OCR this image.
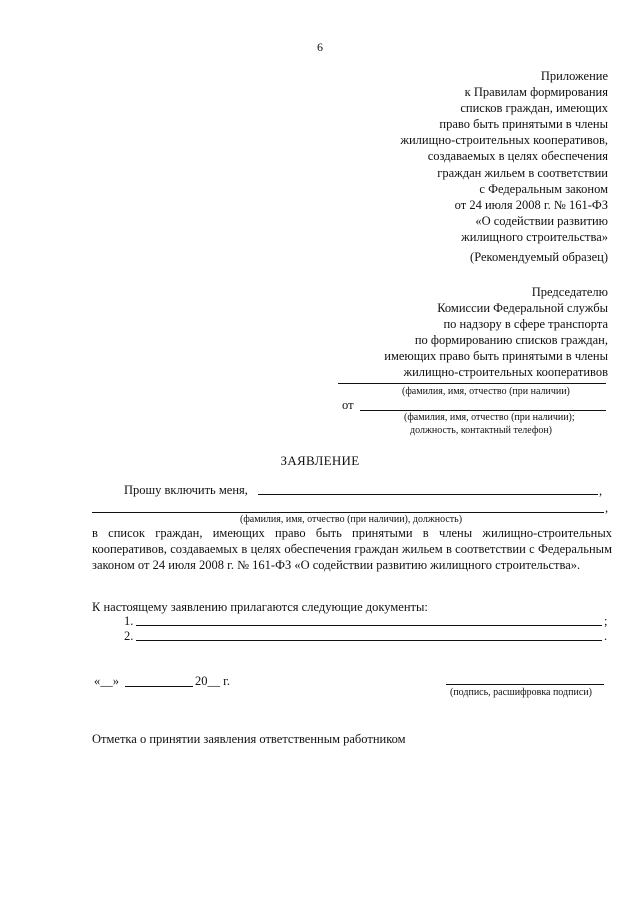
6
Приложение
к Правилам формирования
списков граждан, имеющих
право быть принятыми в члены
жилищно-строительных кооперативов,
создаваемых в целях обеспечения
граждан жильем в соответствии
с Федеральным законом
от 24 июля 2008 г. № 161-ФЗ
«О содействии развитию
жилищного строительства»
(Рекомендуемый образец)
Председателю
Комиссии Федеральной службы
по надзору в сфере транспорта
по формированию списков граждан,
имеющих право быть принятыми в члены
жилищно-строительных кооперативов
(фамилия, имя, отчество (при наличии)
от
(фамилия, имя, отчество (при наличии);
должность, контактный телефон)
ЗАЯВЛЕНИЕ
Прошу включить меня,	,
,
(фамилия, имя, отчество (при наличии), должность)
в список граждан, имеющих право быть принятыми в члены жилищно-строительных кооперативов, создаваемых в целях обеспечения граждан жильем в соответствии с Федеральным законом от 24 июля 2008 г. № 161-ФЗ «О содействии развитию жилищного строительства».
К настоящему заявлению прилагаются следующие документы:
1.	;
2.	.
«__»	20__ г.
(подпись, расшифровка подписи)
Отметка о принятии заявления ответственным работником
